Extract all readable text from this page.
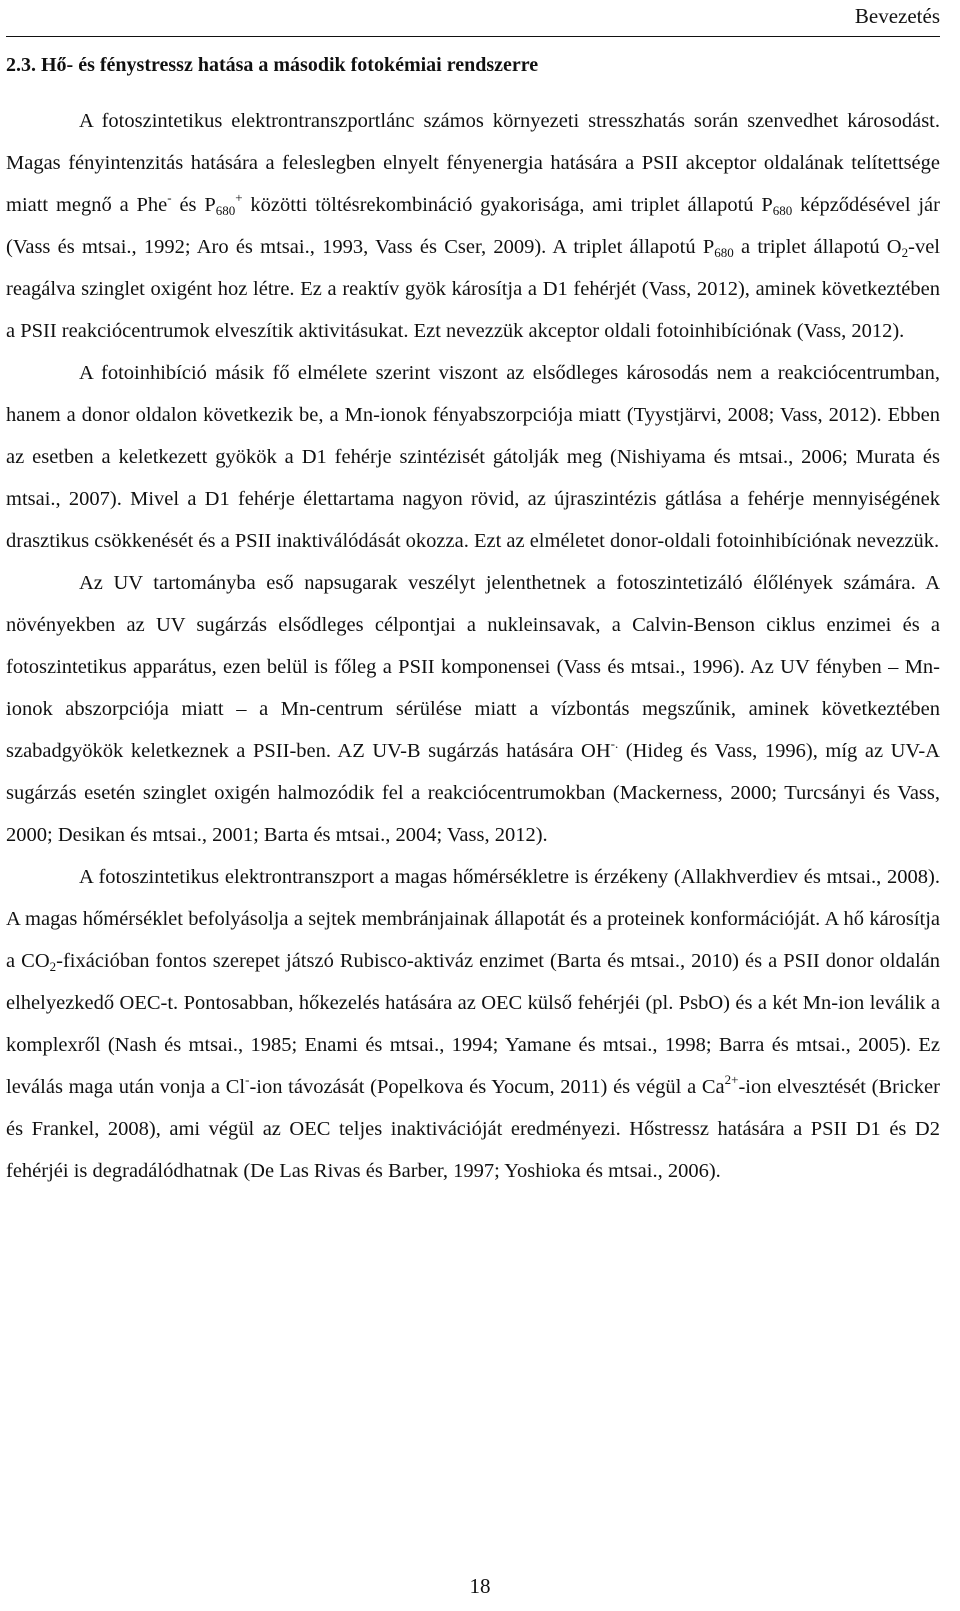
Bevezetés
2.3. Hő- és fénystressz hatása a második fotokémiai rendszerre

A fotoszintetikus elektrontranszportlánc számos környezeti stresszhatás során szenvedhet károsodást. Magas fényintenzitás hatására a feleslegben elnyelt fényenergia hatására a PSII akceptor oldalának telítettsége miatt megnő a Phe- és $P_{680}^+$ közötti töltésrekombináció gyakorisága, ami triplet állapotú $P_{680}$ képződésével jár (Vass és mtsai., 1992; Aro és mtsai., 1993, Vass és Cser, 2009). A triplet állapotú $P_{680}$ a triplet állapotú $O_2$-vel reagálva szinglet oxigént hoz létre. Ez a reaktív gyök károsítja a D1 fehérjét (Vass, 2012), aminek következtében a PSII reakciócentrumok elveszítik aktivitásukat. Ezt nevezzük akceptor oldali fotoinhibíciónak (Vass, 2012).

A fotoinhibíció másik fő elmélete szerint viszont az elsődleges károsodás nem a reakciócentrumban, hanem a donor oldalon következik be, a Mn-ionok fényabszorpciója miatt (Tyystjärvi, 2008; Vass, 2012). Ebben az esetben a keletkezett gyökök a D1 fehérje szintézisét gátolják meg (Nishiyama és mtsai., 2006; Murata és mtsai., 2007). Mivel a D1 fehérje élettartama nagyon rövid, az újraszintézis gátlása a fehérje mennyiségének drasztikus csökkenését és a PSII inaktiválódását okozza. Ezt az elméletet donor-oldali fotoinhibíciónak nevezzük.

Az UV tartományba eső napsugarak veszélyt jelenthetnek a fotoszintetizáló élőlények számára. A növényekben az UV sugárzás elsődleges célpontjai a nukleinsavak, a Calvin-Benson ciklus enzimei és a fotoszintetikus apparátus, ezen belül is főleg a PSII komponensei (Vass és mtsai., 1996). Az UV fényben – Mn-ionok abszorpciója miatt – a Mn-centrum sérülése miatt a vízbontás megszűnik, aminek következtében szabadgyökök keletkeznek a PSII-ben. AZ UV-B sugárzás hatására OH-. (Hideg és Vass, 1996), míg az UV-A sugárzás esetén szinglet oxigén halmozódik fel a reakciócentrumokban (Mackerness, 2000; Turcsányi és Vass, 2000; Desikan és mtsai., 2001; Barta és mtsai., 2004; Vass, 2012).

A fotoszintetikus elektrontranszport a magas hőmérsékletre is érzékeny (Allakhverdiev és mtsai., 2008). A magas hőmérséklet befolyásolja a sejtek membránjainak állapotát és a proteinek konformációját. A hő károsítja a $CO_2$-fixációban fontos szerepet játszó Rubisco-aktiváz enzimet (Barta és mtsai., 2010) és a PSII donor oldalán elhelyezkedő OEC-t. Pontosabban, hőkezelés hatására az OEC külső fehérjéi (pl. PsbO) és a két Mn-ion leválik a komplexről (Nash és mtsai., 1985; Enami és mtsai., 1994; Yamane és mtsai., 1998; Barra és mtsai., 2005). Ez leválás maga után vonja a Cl--ion távozását (Popelkova és Yocum, 2011) és végül a $Ca^{2+}$-ion elvesztését (Bricker és Frankel, 2008), ami végül az OEC teljes inaktivációját eredményezi. Hőstressz hatására a PSII D1 és D2 fehérjéi is degradálódhatnak (De Las Rivas és Barber, 1997; Yoshioka és mtsai., 2006).

18
